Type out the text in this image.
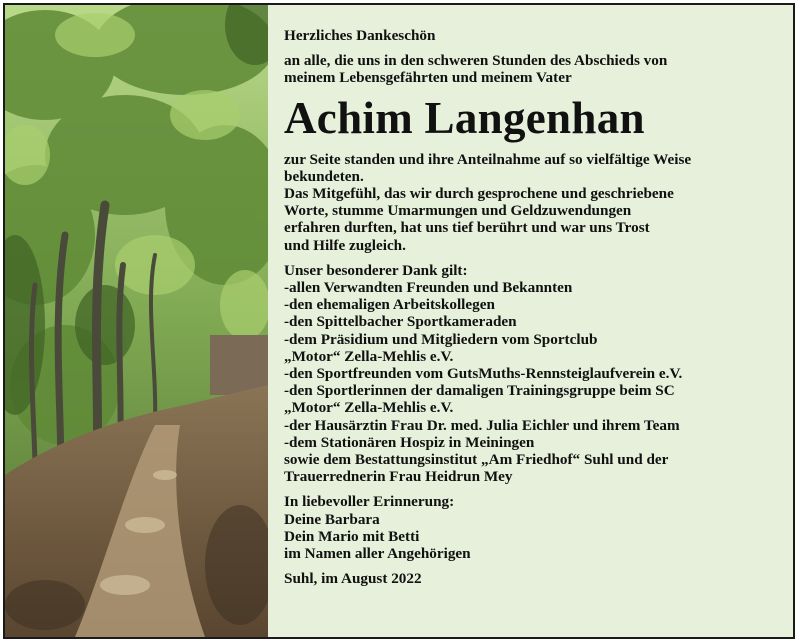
Herzliches Dankeschön

an alle, die uns in den schweren Stunden des Abschieds von

meinem Lebensgefährten und meinem Vater

Achim Langenhan

zur Seite standen und ihre Anteilnahme auf so vielfältige Weise

bekundeten.

Das Mitgefühl, das wir durch gesprochene und geschriebene

Worte, stumme Umarmungen und Geldzuwendungen

erfahren durften, hat uns tief berührt und war uns Trost

und Hilfe zugleich.

Unser besonderer Dank gilt:

-allen Verwandten Freunden und Bekannten

-den ehemaligen Arbeitskollegen

-den Spittelbacher Sportkameraden

-dem Präsidium und Mitgliedern vom Sportclub

„Motor“ Zella-Mehlis e.V.

-den Sportfreunden vom GutsMuths-Rennsteiglaufverein e.V.

-den Sportlerinnen der damaligen Trainingsgruppe beim SC

„Motor“ Zella-Mehlis e.V.

-der Hausärztin Frau Dr. med. Julia Eichler und ihrem Team

-dem Stationären Hospiz in Meiningen

sowie dem Bestattungsinstitut „Am Friedhof“ Suhl und der

Trauerrednerin Frau Heidrun Mey

In liebevoller Erinnerung:

Deine Barbara

Dein Mario mit Betti

im Namen aller Angehörigen

Suhl, im August 2022
